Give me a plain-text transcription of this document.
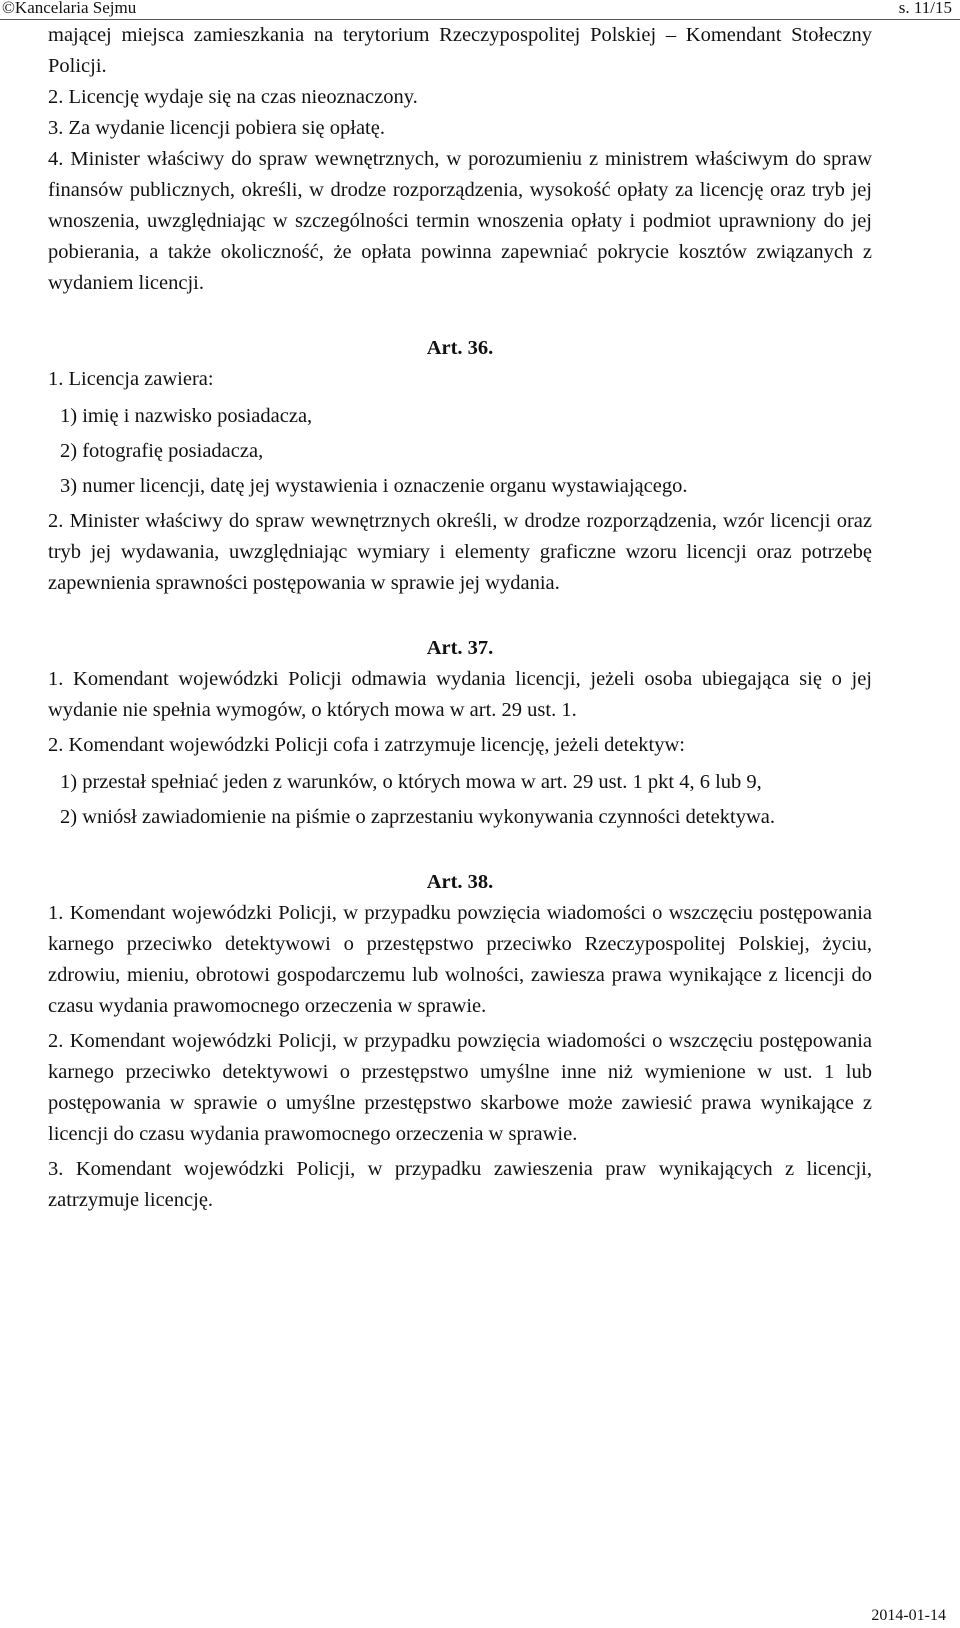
©Kancelaria Sejmu	s. 11/15

mającej miejsca zamieszkania na terytorium Rzeczypospolitej Polskiej – Komendant Stołeczny Policji.

2. Licencję wydaje się na czas nieoznaczony.

3. Za wydanie licencji pobiera się opłatę.

4. Minister właściwy do spraw wewnętrznych, w porozumieniu z ministrem właściwym do spraw finansów publicznych, określi, w drodze rozporządzenia, wysokość opłaty za licencję oraz tryb jej wnoszenia, uwzględniając w szczególności termin wnoszenia opłaty i podmiot uprawniony do jej pobierania, a także okoliczność, że opłata powinna zapewniać pokrycie kosztów związanych z wydaniem licencji.

Art. 36.

1. Licencja zawiera:

1) imię i nazwisko posiadacza,

2) fotografię posiadacza,

3) numer licencji, datę jej wystawienia i oznaczenie organu wystawiającego.

2. Minister właściwy do spraw wewnętrznych określi, w drodze rozporządzenia, wzór licencji oraz tryb jej wydawania, uwzględniając wymiary i elementy graficzne wzoru licencji oraz potrzebę zapewnienia sprawności postępowania w sprawie jej wydania.

Art. 37.

1. Komendant wojewódzki Policji odmawia wydania licencji, jeżeli osoba ubiegająca się o jej wydanie nie spełnia wymogów, o których mowa w art. 29 ust. 1.

2. Komendant wojewódzki Policji cofa i zatrzymuje licencję, jeżeli detektyw:

1) przestał spełniać jeden z warunków, o których mowa w art. 29 ust. 1 pkt 4, 6 lub 9,

2) wniósł zawiadomienie na piśmie o zaprzestaniu wykonywania czynności detektywa.

Art. 38.

1. Komendant wojewódzki Policji, w przypadku powzięcia wiadomości o wszczęciu postępowania karnego przeciwko detektywowi o przestępstwo przeciwko Rzeczypospolitej Polskiej, życiu, zdrowiu, mieniu, obrotowi gospodarczemu lub wolności, zawiesza prawa wynikające z licencji do czasu wydania prawomocnego orzeczenia w sprawie.

2. Komendant wojewódzki Policji, w przypadku powzięcia wiadomości o wszczęciu postępowania karnego przeciwko detektywowi o przestępstwo umyślne inne niż wymienione w ust. 1 lub postępowania w sprawie o umyślne przestępstwo skarbowe może zawiesić prawa wynikające z licencji do czasu wydania prawomocnego orzeczenia w sprawie.

3. Komendant wojewódzki Policji, w przypadku zawieszenia praw wynikających z licencji, zatrzymuje licencję.

2014-01-14
